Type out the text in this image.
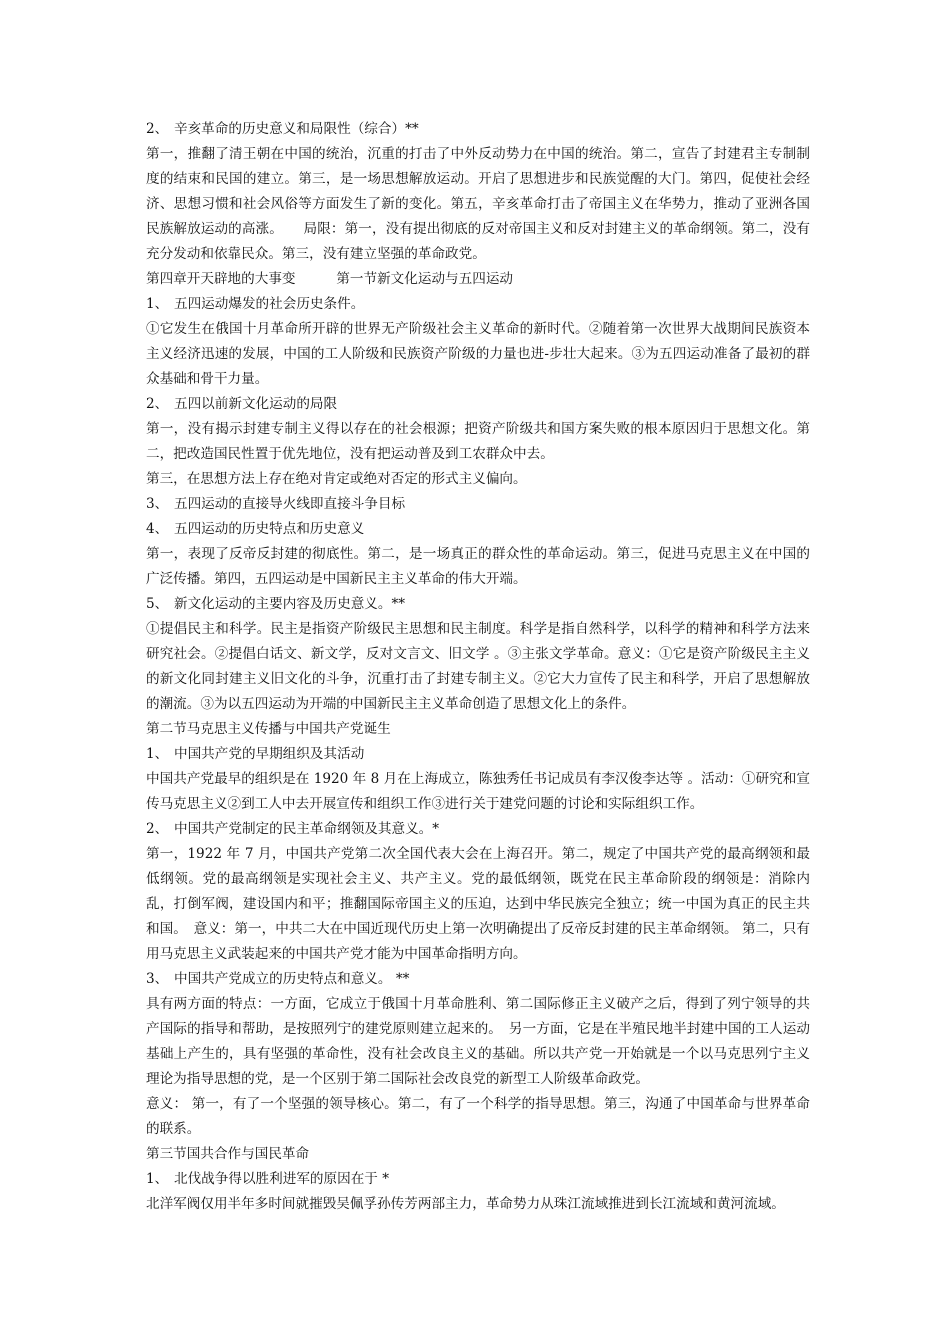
2、 辛亥革命的历史意义和局限性（综合）**

第一，推翻了清王朝在中国的统治，沉重的打击了中外反动势力在中国的统治。第二，宣告了封建君主专制制度的结束和民国的建立。第三，是一场思想解放运动。开启了思想进步和民族觉醒的大门。第四，促使社会经济、思想习惯和社会风俗等方面发生了新的变化。第五，辛亥革命打击了帝国主义在华势力，推动了亚洲各国民族解放运动的高涨。　　局限：第一，没有提出彻底的反对帝国主义和反对封建主义的革命纲领。第二，没有充分发动和依靠民众。第三，没有建立坚强的革命政党。

第四章开天辟地的大事变　　　第一节新文化运动与五四运动

1、 五四运动爆发的社会历史条件。

①它发生在俄国十月革命所开辟的世界无产阶级社会主义革命的新时代。②随着第一次世界大战期间民族资本主义经济迅速的发展，中国的工人阶级和民族资产阶级的力量也进-步壮大起来。③为五四运动准备了最初的群众基础和骨干力量。

2、 五四以前新文化运动的局限

第一，没有揭示封建专制主义得以存在的社会根源；把资产阶级共和国方案失败的根本原因归于思想文化。第二，把改造国民性置于优先地位，没有把运动普及到工农群众中去。

第三，在思想方法上存在绝对肯定或绝对否定的形式主义偏向。

3、 五四运动的直接导火线即直接斗争目标

4、 五四运动的历史特点和历史意义

第一，表现了反帝反封建的彻底性。第二，是一场真正的群众性的革命运动。第三，促进马克思主义在中国的广泛传播。第四，五四运动是中国新民主主义革命的伟大开端。

5、 新文化运动的主要内容及历史意义。**

①提倡民主和科学。民主是指资产阶级民主思想和民主制度。科学是指自然科学，以科学的精神和科学方法来研究社会。②提倡白话文、新文学，反对文言文、旧文学 。③主张文学革命。意义：①它是资产阶级民主主义的新文化同封建主义旧文化的斗争，沉重打击了封建专制主义。②它大力宣传了民主和科学，开启了思想解放的潮流。③为以五四运动为开端的中国新民主主义革命创造了思想文化上的条件。

第二节马克思主义传播与中国共产党诞生

1、 中国共产党的早期组织及其活动

中国共产党最早的组织是在 1920 年 8 月在上海成立，陈独秀任书记成员有李汉俊李达等 。活动：①研究和宣传马克思主义②到工人中去开展宣传和组织工作③进行关于建党问题的讨论和实际组织工作。

2、 中国共产党制定的民主革命纲领及其意义。*

第一，1922 年 7 月，中国共产党第二次全国代表大会在上海召开。第二，规定了中国共产党的最高纲领和最低纲领。党的最高纲领是实现社会主义、共产主义。党的最低纲领，既党在民主革命阶段的纲领是：消除内乱，打倒军阀，建设国内和平；推翻国际帝国主义的压迫，达到中华民族完全独立；统一中国为真正的民主共和国。　意义：第一，中共二大在中国近现代历史上第一次明确提出了反帝反封建的民主革命纲领。 第二，只有用马克思主义武装起来的中国共产党才能为中国革命指明方向。

3、 中国共产党成立的历史特点和意义。 **

具有两方面的特点：一方面，它成立于俄国十月革命胜利、第二国际修正主义破产之后，得到了列宁领导的共产国际的指导和帮助，是按照列宁的建党原则建立起来的。　另一方面，它是在半殖民地半封建中国的工人运动基础上产生的，具有坚强的革命性，没有社会改良主义的基础。所以共产党一开始就是一个以马克思列宁主义理论为指导思想的党，是一个区别于第二国际社会改良党的新型工人阶级革命政党。

意义： 第一，有了一个坚强的领导核心。第二，有了一个科学的指导思想。第三，沟通了中国革命与世界革命的联系。

第三节国共合作与国民革命

1、 北伐战争得以胜利进军的原因在于 *

北洋军阀仅用半年多时间就摧毁吴佩孚孙传芳两部主力，革命势力从珠江流域推进到长江流域和黄河流域。
